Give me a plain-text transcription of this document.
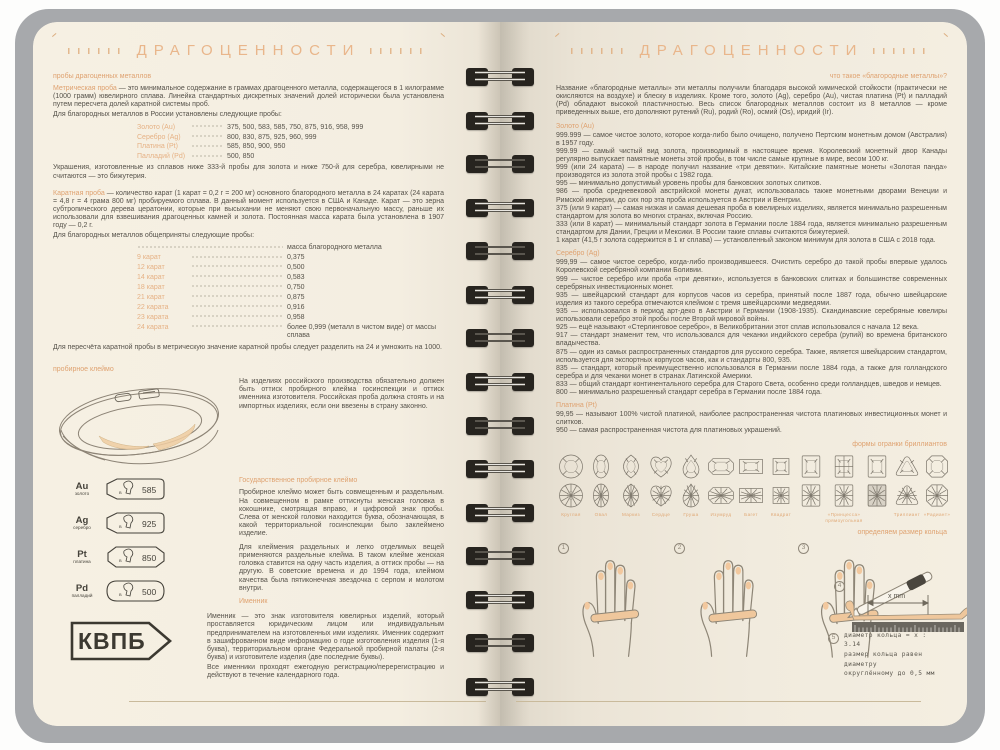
ДРАГОЦЕННОСТИ
пробы драгоценных металлов

Метрическая проба — это минимальное содержание в граммах драгоценного металла, содержащегося в 1 килограмме (1000 грамм) ювелирного сплава. Линейка стандартных дискретных значений долей исторически была установлена путем пересчета долей каратной системы проб.

Для благородных металлов в России установлены следующие пробы:

Золото (Au)	375, 500, 583, 585, 750, 875, 916, 958, 999
Серебро (Ag)	800, 830, 875, 925, 960, 999
Платина (Pt)	585, 850, 900, 950
Палладий (Pd)	500, 850

Украшения, изготовленные из сплавов ниже 333-й пробы для золота и ниже 750-й для серебра, ювелирными не считаются — это бижутерия.

Каратная проба — количество карат (1 карат = 0,2 г = 200 мг) основного благородного металла в 24 каратах (24 карата = 4,8 г = 4 грама 800 мг) пробируемого сплава. В данный момент используется в США и Канаде. Карат — это зерна субтропического дерева цератонии, которые при высыхании не меняют свою первоначальную массу, раньше их использовали для взвешивания драгоценных камней и золота. Постоянная масса карата была установлена в 1907 году — 0,2 г.

Для благородных металлов общеприняты следующие пробы:

масса благородного металла
9 карат	0,375
12 карат	0,500
14 карат	0,583
18 карат	0,750
21 карат	0,875
22 карата	0,916
23 карата	0,958
24 карата	более 0,999 (металл в чистом виде) от массы сплава

Для пересчёта каратной пробы в метрическую значение каратной пробы следует разделить на 24 и умножить на 1000.

пробирное клеймо

На изделиях российского производства обязательно должен быть оттиск пробирного клейма госинспекции и оттиск именника изготовителя. Российская проба должна стоять и на импортных изделиях, если они ввезены в страну законно.

Au
золото	В 585
Ag
серебро	В 925
Pt
платина	В 850
Pd
палладий	В 500
Государственное пробирное клеймо

Пробирное клеймо может быть совмещенным и раздельным. На совмещенном в рамке оттиснуты женская головка в кокошнике, смотрящая вправо, и цифровой знак пробы. Слева от женской головки находится буква, обозначающая, в какой территориальной госинспекции было заклеймено изделие.

Для клеймения раздельных и легко отделимых вещей применяются раздельные клейма. В таком клейме женская головка ставится на одну часть изделия, а оттиск пробы — на другую. В советские времена и до 1994 года, клеймом качества была пятиконечная звездочка с серпом и молотом внутри.

Именник
КВПБ

Именник — это знак изготовителя ювелирных изделий, который проставляется юридическим лицом или индивидуальным предпринимателем на изготовленных ими изделиях. Именник содержит в зашифрованном виде информацию о годе изготовления изделия (1-я буква), территориальном органе Федеральной пробирной палаты (2-я буква) и изготовителе изделия (две последние буквы).

Все именники проходят ежегодную регистрацию/перерегистрацию и действуют в течение календарного года.

ДРАГОЦЕННОСТИ
что такое «благородные металлы»?

Название «благородные металлы» эти металлы получили благодаря высокой химической стойкости (практически не окисляются на воздухе) и блеску в изделиях. Кроме того, золото (Ag), серебро (Au), чистая платина (Pt) и палладий (Pd) обладают высокой пластичностью. Весь список благородных металлов состоит из 8 металлов — кроме приведенных выше, его дополняют рутений (Ru), родий (Ro), осмий (Os), иридий (Ir).

Золото (Au)

999.999 — самое чистое золото, которое когда-либо было очищено, получено Пертским монетным домом (Австралия) в 1957 году.

999.99 — самый чистый вид золота, производимый в настоящее время. Королевский монетный двор Канады регулярно выпускает памятные монеты этой пробы, в том числе самые крупные в мире, весом 100 кг.

999 (или 24 карата) — в народе получил название «три девятки». Китайские памятные монеты «Золотая панда» производятся из золота этой пробы с 1982 года.

995 — минимально допустимый уровень пробы для банковских золотых слитков.

986 — проба средневековой австрийской монеты дукат, использовалась также монетными дворами Венеции и Римской империи, до сих пор эта проба используется в Австрии и Венгрии.

375 (или 9 карат) — самая низкая и самая дешевая проба в ювелирных изделиях, является минимально разрешенным стандартом для золота во многих странах, включая Россию.

333 (или 8 карат) — минимальный стандарт золота в Германии после 1884 года, является минимально разрешенным стандартом для Дании, Греции и Мексики. В России такие сплавы считаются бижутерией.

1 карат (41,5 г золота содержится в 1 кг сплава) — установленный законом минимум для золота в США с 2018 года.

Серебро (Ag)

999,99 — самое чистое серебро, когда-либо производившееся. Очистить серебро до такой пробы впервые удалось Королевской серебряной компании Боливии.

999 — чистое серебро или проба «три девятки», используется в банковских слитках и большинстве современных серебряных инвестиционных монет.

935 — швейцарский стандарт для корпусов часов из серебра, принятый после 1887 года, обычно швейцарские изделия из такого серебра отмечаются клеймом с тремя швейцарскими медведями.

935 — использовался в период арт-деко в Австрии и Германии (1908-1935). Скандинавские серебряные ювелиры использовали серебро этой пробы после Второй мировой войны.

925 — ещё называют «Стерлинговое серебро», в Великобритании этот сплав использовался с начала 12 века.

917 — стандарт знаменит тем, что использовался для чеканки индийского серебра (рупий) во времена британского владычества.

875 — один из самых распространенных стандартов для русского серебра. Также, является швейцарским стандартом, используется для экспортных корпусов часов, как и стандарты 800, 935.

835 — стандарт, который преимущественно использовался в Германии после 1884 года, а также для голландского серебра и для чеканки монет в странах Латинской Америки.

833 — общий стандарт континентального серебра для Старого Света, особенно среди голландцев, шведов и немцев.

800 — минимально разрешенный стандарт серебра в Германии после 1884 года.

Платина (Pt)

99,95 — называют 100% чистой платиной, наиболее распространенная чистота платиновых инвестиционных монет и слитков.

950 — самая распространенная чистота для платиновых украшений.

формы огранки бриллиантов
Круглая	Овал	Маркиз	Сердце	Груша	Изумруд	Багет	Квадрат	«Принцесса» прямоугольная
Триллиант «Радиант»
определяем размер кольца
1	2	3
4
5
x mm
диаметр кольца = x : 3.14
размер кольца равен диаметру
округлённому до 0,5 мм
